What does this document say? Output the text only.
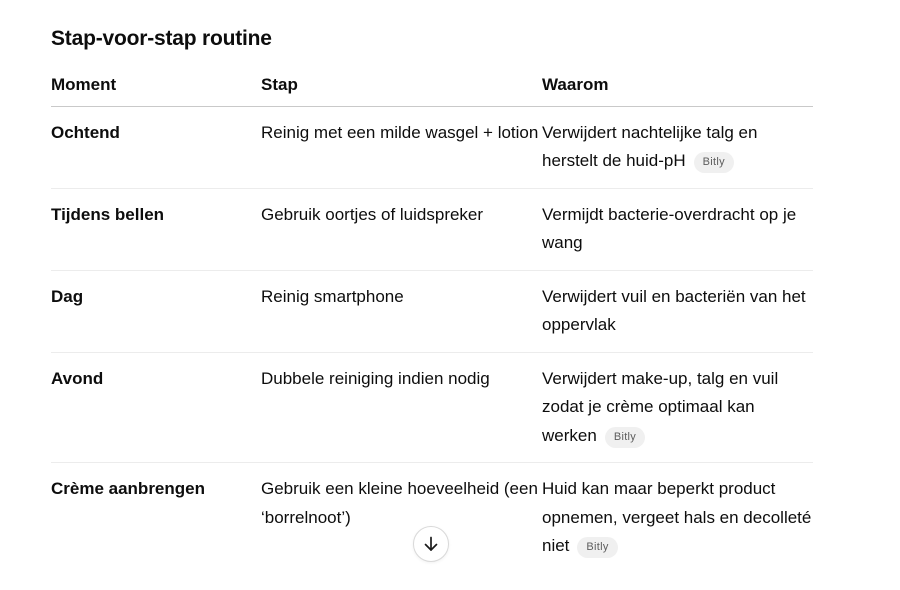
Stap-voor-stap routine
Moment	Stap	Waarom
Ochtend	Reinig met een milde wasgel + lotion	Verwijdert nachtelijke talg en herstelt de huid-pH Bitly
Tijdens bellen	Gebruik oortjes of luidspreker	Vermijdt bacterie-overdracht op je wang
Dag	Reinig smartphone	Verwijdert vuil en bacteriën van het oppervlak
Avond	Dubbele reiniging indien nodig	Verwijdert make-up, talg en vuil zodat je crème optimaal kan werken Bitly
Crème aanbrengen	Gebruik een kleine hoeveelheid (een ‘borrelnoot’)	Huid kan maar beperkt product opnemen, vergeet hals en decolleté niet Bitly
